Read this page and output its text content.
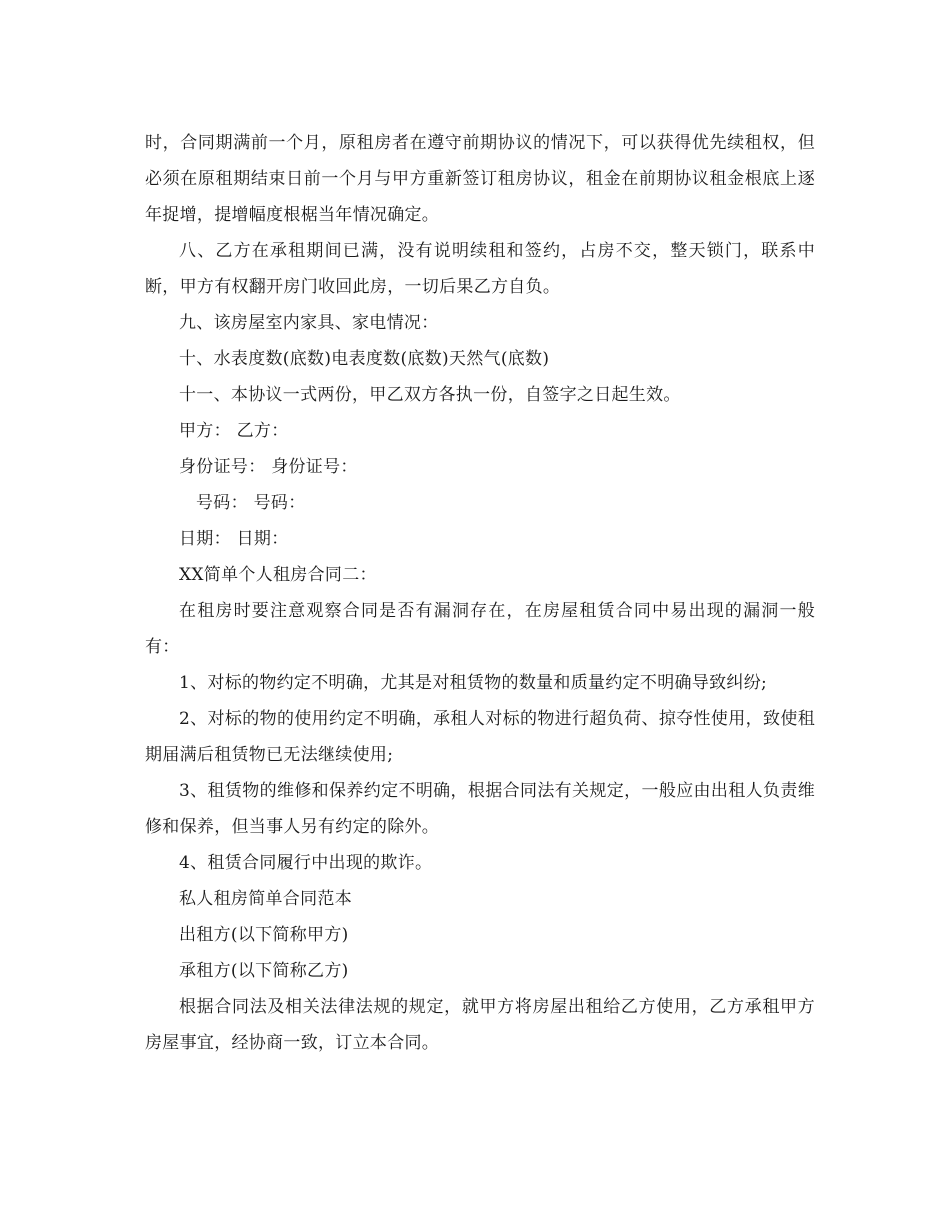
时，合同期满前一个月，原租房者在遵守前期协议的情况下，可以获得优先续租权，但必须在原租期结束日前一个月与甲方重新签订租房协议，租金在前期协议租金根底上逐年捉增，提增幅度根椐当年情况确定。

八、乙方在承租期间已满，没有说明续租和签约，占房不交，整天锁门，联系中断，甲方有权翻开房门收回此房，一切后果乙方自负。

九、该房屋室内家具、家电情况：

十、水表度数(底数)电表度数(底数)天然气(底数)

十一、本协议一式两份，甲乙双方各执一份，自签字之日起生效。

甲方： 乙方：

身份证号： 身份证号：

号码： 号码：

日期： 日期：

XX简单个人租房合同二：

在租房时要注意观察合同是否有漏洞存在，在房屋租赁合同中易出现的漏洞一般有：

1、对标的物约定不明确，尤其是对租赁物的数量和质量约定不明确导致纠纷;

2、对标的物的使用约定不明确，承租人对标的物进行超负荷、掠夺性使用，致使租期届满后租赁物已无法继续使用;

3、租赁物的维修和保养约定不明确，根据合同法有关规定，一般应由出租人负责维修和保养，但当事人另有约定的除外。

4、租赁合同履行中出现的欺诈。

私人租房简单合同范本

出租方(以下简称甲方)

承租方(以下简称乙方)

根据合同法及相关法律法规的规定，就甲方将房屋出租给乙方使用，乙方承租甲方房屋事宜，经协商一致，订立本合同。
